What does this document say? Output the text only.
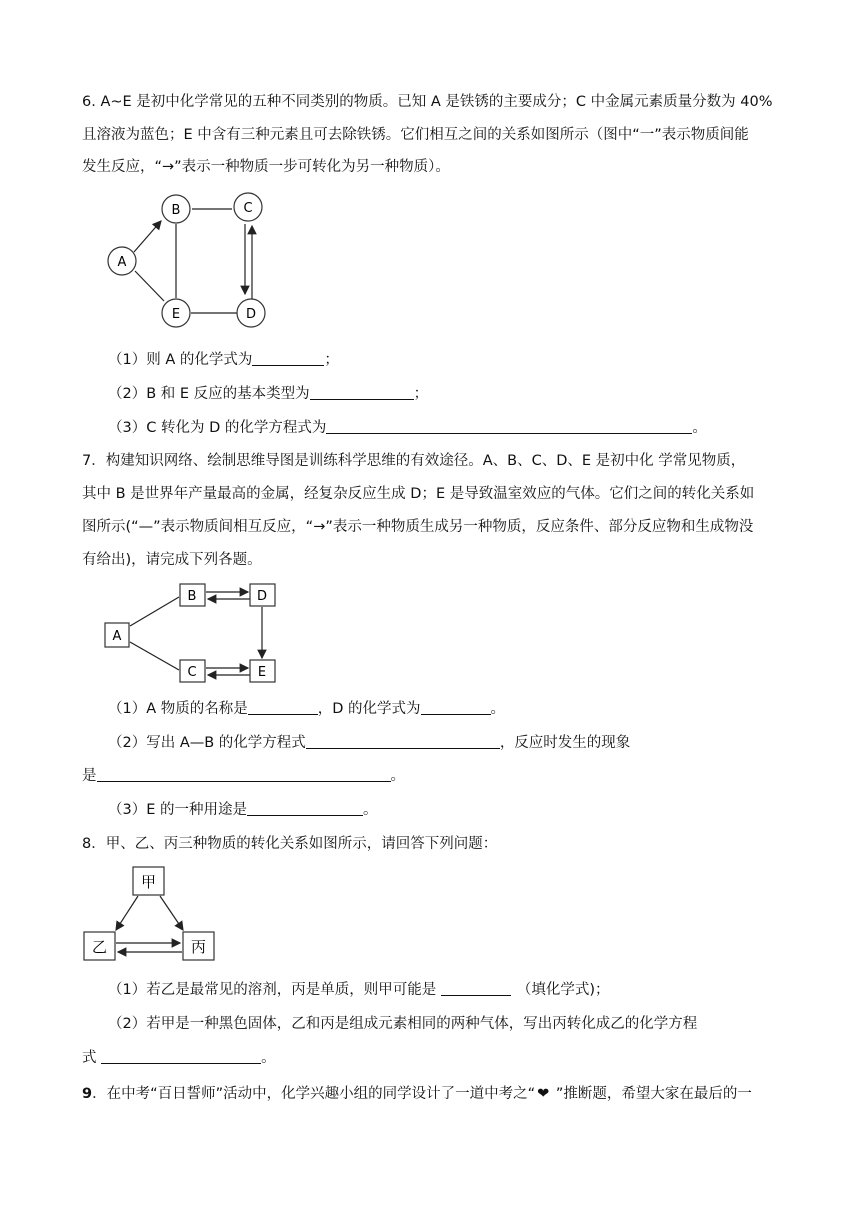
6. A~E 是初中化学常见的五种不同类别的物质。已知 A 是铁锈的主要成分；C 中金属元素质量分数为 40%
且溶液为蓝色；E 中含有三种元素且可去除铁锈。它们相互之间的关系如图所示（图中“一”表示物质间能
发生反应，“→”表示一种物质一步可转化为另一种物质）。
A
B	C
D
E
（1）则 A 的化学式为	；
（2）B 和 E 反应的基本类型为	；
（3）C 转化为 D 的化学方程式为	。
7．构建知识网络、绘制思维导图是训练科学思维的有效途径。A、B、C、D、E 是初中化 学常见物质，
其中 B 是世界年产量最高的金属，经复杂反应生成 D；E 是导致温室效应的气体。它们之间的转化关系如
图所示(“—”表示物质间相互反应，“→”表示一种物质生成另一种物质，反应条件、部分反应物和生成物没
有给出)，请完成下列各题。
A
B	D
C	E
（1）A 物质的名称是	，D 的化学式为	。
（2）写出 A—B 的化学方程式	，反应时发生的现象
是	。
（3）E 的一种用途是	。
8．甲、乙、丙三种物质的转化关系如图所示，请回答下列问题：
甲
乙	丙
（1）若乙是最常见的溶剂，丙是单质，则甲可能是	（填化学式)；
（2）若甲是一种黑色固体，乙和丙是组成元素相同的两种气体，写出丙转化成乙的化学方程
式	。
9．在中考“百日誓师”活动中，化学兴趣小组的同学设计了一道中考之“ ❤ ”推断题，希望大家在最后的一
